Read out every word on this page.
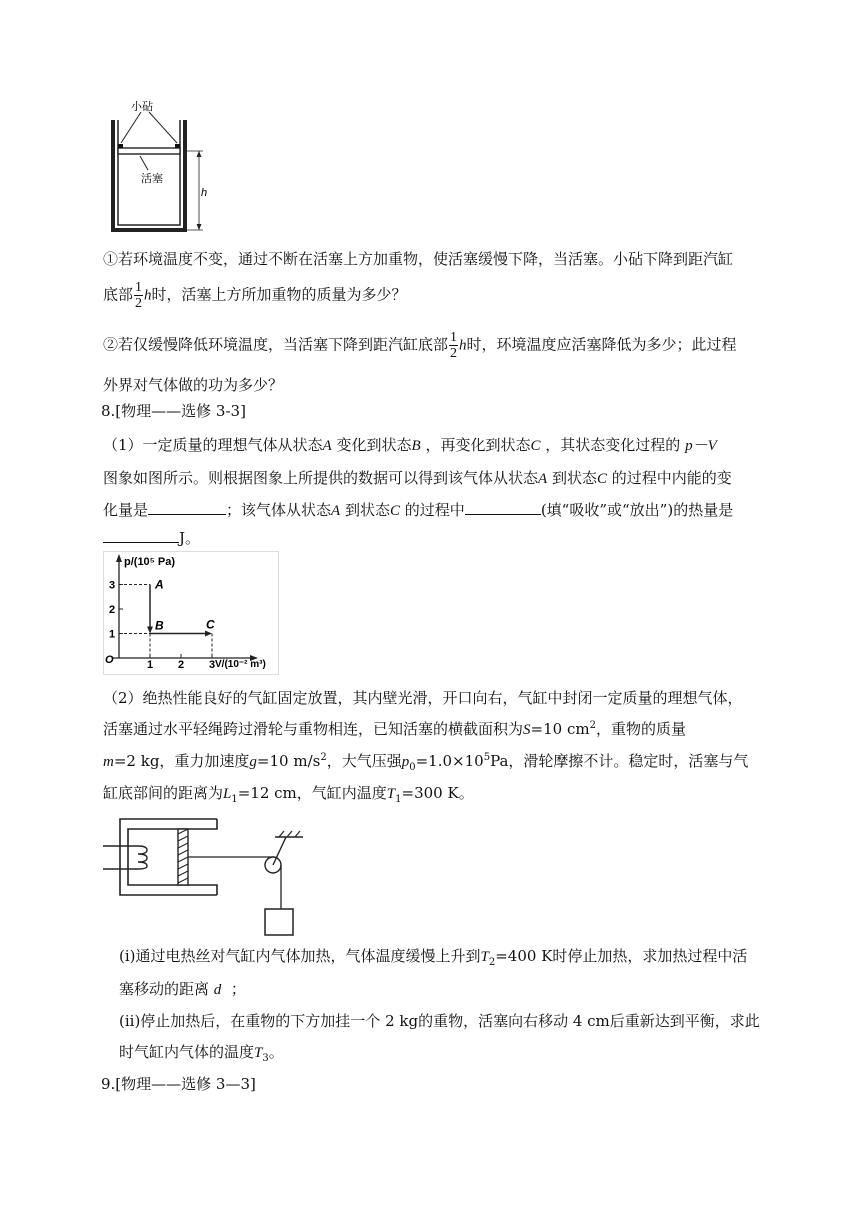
小砧
活塞
h
①若环境温度不变，通过不断在活塞上方加重物，使活塞缓慢下降，当活塞。小砧下降到距汽缸
底部 $\frac{1}{2}$ h时，活塞上方所加重物的质量为多少？
②若仅缓慢降低环境温度，当活塞下降到距汽缸底部 $\frac{1}{2}$ h时，环境温度应活塞降低为多少；此过程
外界对气体做的功为多少？
8.[物理——选修 3-3]
（1）一定质量的理想气体从状态A 变化到状态B ，再变化到状态C ，其状态变化过程的 p－V
图象如图所示。则根据图象上所提供的数据可以得到该气体从状态A 到状态C 的过程中内能的变
化量是	；该气体从状态A 到状态C 的过程中	(填“吸收”或“放出”)的热量是
J。
3
2
1
1 2 3
A
B	C
p/(10⁵ Pa)
V/(10⁻² m³)
O
（2）绝热性能良好的气缸固定放置，其内壁光滑，开口向右，气缸中封闭一定质量的理想气体，
活塞通过水平轻绳跨过滑轮与重物相连，已知活塞的横截面积为S=10 $cm^2$，重物的质量
m=2 kg，重力加速度g=10 $m/s^2$，大气压强$p_0=1.0\times 10^5Pa$，滑轮摩擦不计。稳定时，活塞与气
缸底部间的距离为$L_1=12$ cm，气缸内温度$T_1=300$ K。
(i)通过电热丝对气缸内气体加热，气体温度缓慢上升到$T_2=400$ K时停止加热，求加热过程中活
塞移动的距离 d ；
(ii)停止加热后，在重物的下方加挂一个 2 kg的重物，活塞向右移动 4 cm后重新达到平衡，求此
时气缸内气体的温度$T_3$。
9.[物理——选修 3—3]
